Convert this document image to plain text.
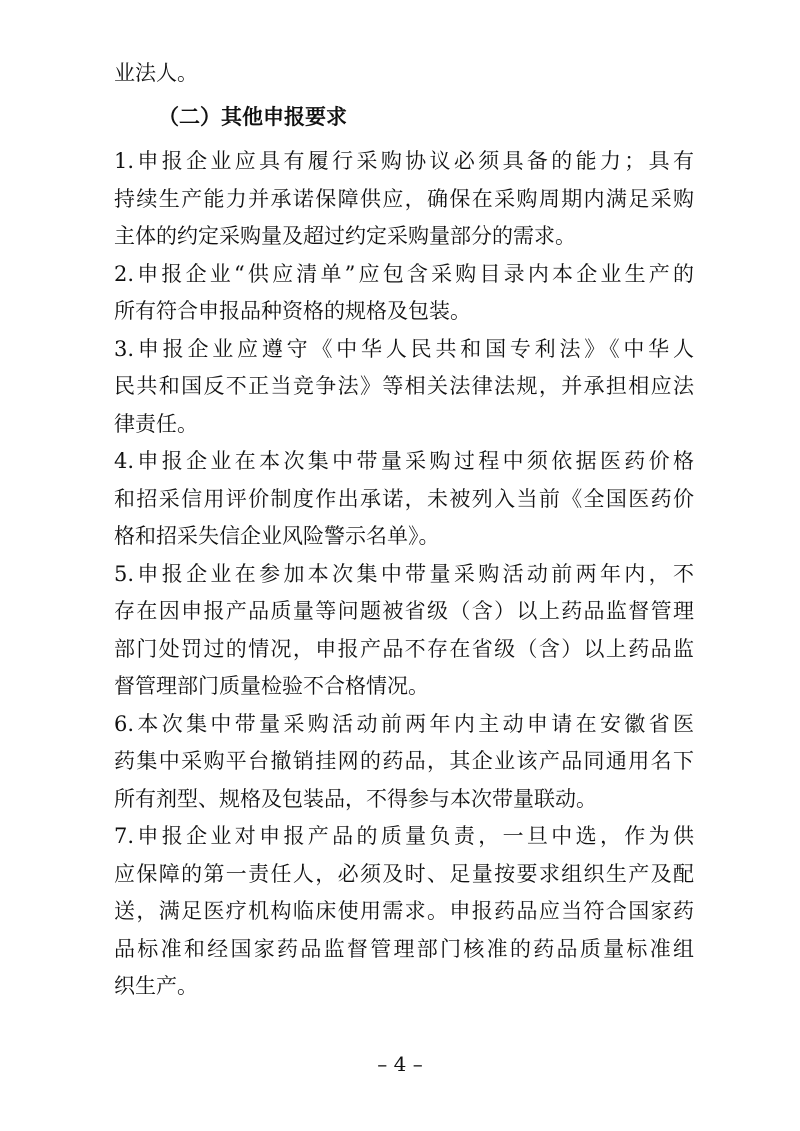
业法人。
（二）其他申报要求
1.申报企业应具有履行采购协议必须具备的能力；具有
持续生产能力并承诺保障供应，确保在采购周期内满足采购
主体的约定采购量及超过约定采购量部分的需求。
2.申报企业“供应清单”应包含采购目录内本企业生产的
所有符合申报品种资格的规格及包装。
3.申报企业应遵守《中华人民共和国专利法》《中华人
民共和国反不正当竞争法》等相关法律法规，并承担相应法
律责任。
4.申报企业在本次集中带量采购过程中须依据医药价格
和招采信用评价制度作出承诺，未被列入当前《全国医药价
格和招采失信企业风险警示名单》。
5.申报企业在参加本次集中带量采购活动前两年内，不
存在因申报产品质量等问题被省级（含）以上药品监督管理
部门处罚过的情况，申报产品不存在省级（含）以上药品监
督管理部门质量检验不合格情况。
6.本次集中带量采购活动前两年内主动申请在安徽省医
药集中采购平台撤销挂网的药品，其企业该产品同通用名下
所有剂型、规格及包装品，不得参与本次带量联动。
7.申报企业对申报产品的质量负责，一旦中选，作为供
应保障的第一责任人，必须及时、足量按要求组织生产及配
送，满足医疗机构临床使用需求。申报药品应当符合国家药
品标准和经国家药品监督管理部门核准的药品质量标准组
织生产。
– 4 –
